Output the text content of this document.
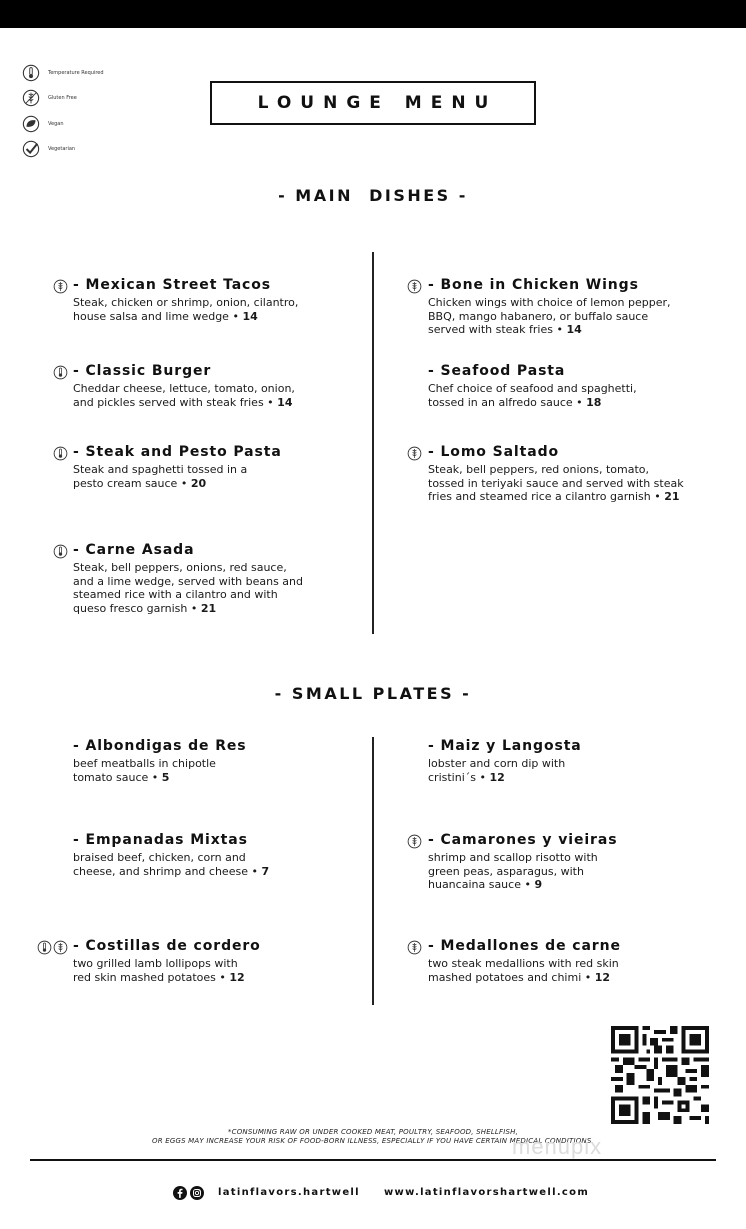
Temperature Required
Gluten Free
Vegan
Vegetarian
LOUNGE MENU
- MAIN  DISHES -
- Mexican Street Tacos
Steak, chicken or shrimp, onion, cilantro,
house salsa and lime wedge • 14
- Classic Burger
Cheddar cheese, lettuce, tomato, onion,
and pickles served with steak fries • 14
- Steak and Pesto Pasta
Steak and spaghetti tossed in a
pesto cream sauce • 20
- Carne Asada
Steak, bell peppers, onions, red sauce,
and a lime wedge, served with beans and
steamed rice with a cilantro and with
queso fresco garnish • 21
- Bone in Chicken Wings
Chicken wings with choice of lemon pepper,
BBQ, mango habanero, or buffalo sauce
served with steak fries • 14
- Seafood Pasta
Chef choice of seafood and spaghetti,
tossed in an alfredo sauce • 18
- Lomo Saltado
Steak, bell peppers, red onions, tomato,
tossed in teriyaki sauce and served with steak
fries and steamed rice a cilantro garnish • 21
- SMALL PLATES -
- Albondigas de Res
beef meatballs in chipotle
tomato sauce • 5
- Empanadas Mixtas
braised beef, chicken, corn and
cheese, and shrimp and cheese • 7
- Costillas de cordero
two grilled lamb lollipops with
red skin mashed potatoes • 12
- Maiz y Langosta
lobster and corn dip with
cristini´s • 12
- Camarones y vieiras
shrimp and scallop risotto with
green peas, asparagus, with
huancaina sauce • 9
- Medallones de carne
two steak medallions with red skin
mashed potatoes and chimi • 12
*CONSUMING RAW OR UNDER COOKED MEAT, POULTRY, SEAFOOD, SHELLFISH,
OR EGGS MAY INCREASE YOUR RISK OF FOOD-BORN ILLNESS, ESPECIALLY IF YOU HAVE CERTAIN MEDICAL CONDITIONS.
menupix
latinflavors.hartwell www.latinflavorshartwell.com
